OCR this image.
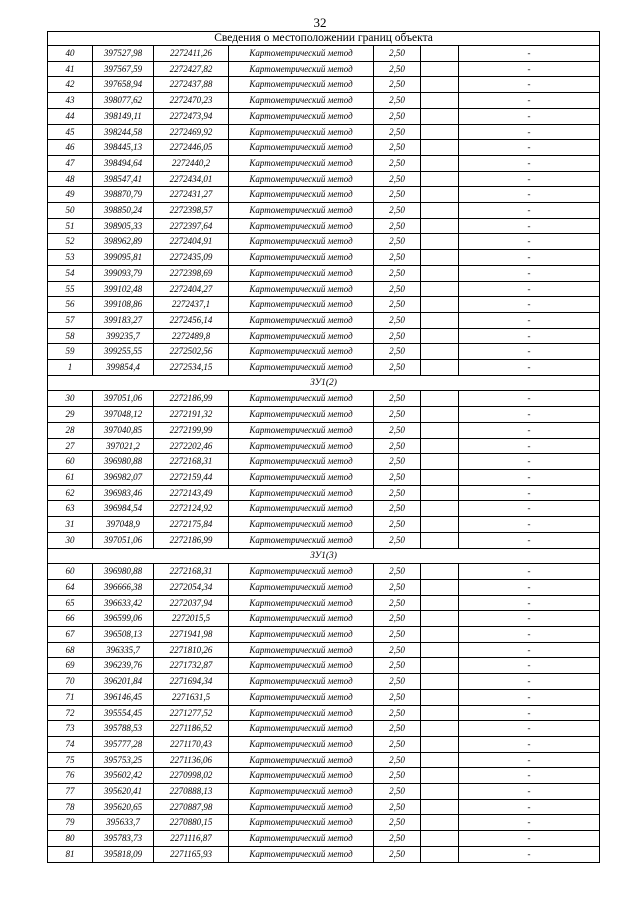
32
Сведения о местоположении границ объекта						
40	397527,98	2272411,26	Картометрический метод	2,50		-
41	397567,59	2272427,82	Картометрический метод	2,50		-
42	397658,94	2272437,88	Картометрический метод	2,50		-
43	398077,62	2272470,23	Картометрический метод	2,50		-
44	398149,11	2272473,94	Картометрический метод	2,50		-
45	398244,58	2272469,92	Картометрический метод	2,50		-
46	398445,13	2272446,05	Картометрический метод	2,50		-
47	398494,64	2272440,2	Картометрический метод	2,50		-
48	398547,41	2272434,01	Картометрический метод	2,50		-
49	398870,79	2272431,27	Картометрический метод	2,50		-
50	398850,24	2272398,57	Картометрический метод	2,50		-
51	398905,33	2272397,64	Картометрический метод	2,50		-
52	398962,89	2272404,91	Картометрический метод	2,50		-
53	399095,81	2272435,09	Картометрический метод	2,50		-
54	399093,79	2272398,69	Картометрический метод	2,50		-
55	399102,48	2272404,27	Картометрический метод	2,50		-
56	399108,86	2272437,1	Картометрический метод	2,50		-
57	399183,27	2272456,14	Картометрический метод	2,50		-
58	399235,7	2272489,8	Картометрический метод	2,50		-
59	399255,55	2272502,56	Картометрический метод	2,50		-
1	399854,4	2272534,15	Картометрический метод	2,50		-
ЗУ1(2)						
30	397051,06	2272186,99	Картометрический метод	2,50		-
29	397048,12	2272191,32	Картометрический метод	2,50		-
28	397040,85	2272199,99	Картометрический метод	2,50		-
27	397021,2	2272202,46	Картометрический метод	2,50		-
60	396980,88	2272168,31	Картометрический метод	2,50		-
61	396982,07	2272159,44	Картометрический метод	2,50		-
62	396983,46	2272143,49	Картометрический метод	2,50		-
63	396984,54	2272124,92	Картометрический метод	2,50		-
31	397048,9	2272175,84	Картометрический метод	2,50		-
30	397051,06	2272186,99	Картометрический метод	2,50		-
ЗУ1(3)						
60	396980,88	2272168,31	Картометрический метод	2,50		-
64	396666,38	2272054,34	Картометрический метод	2,50		-
65	396633,42	2272037,94	Картометрический метод	2,50		-
66	396599,06	2272015,5	Картометрический метод	2,50		-
67	396508,13	2271941,98	Картометрический метод	2,50		-
68	396335,7	2271810,26	Картометрический метод	2,50		-
69	396239,76	2271732,87	Картометрический метод	2,50		-
70	396201,84	2271694,34	Картометрический метод	2,50		-
71	396146,45	2271631,5	Картометрический метод	2,50		-
72	395554,45	2271277,52	Картометрический метод	2,50		-
73	395788,53	2271186,52	Картометрический метод	2,50		-
74	395777,28	2271170,43	Картометрический метод	2,50		-
75	395753,25	2271136,06	Картометрический метод	2,50		-
76	395602,42	2270998,02	Картометрический метод	2,50		-
77	395620,41	2270888,13	Картометрический метод	2,50		-
78	395620,65	2270887,98	Картометрический метод	2,50		-
79	395633,7	2270880,15	Картометрический метод	2,50		-
80	395783,73	2271116,87	Картометрический метод	2,50		-
81	395818,09	2271165,93	Картометрический метод	2,50		-
